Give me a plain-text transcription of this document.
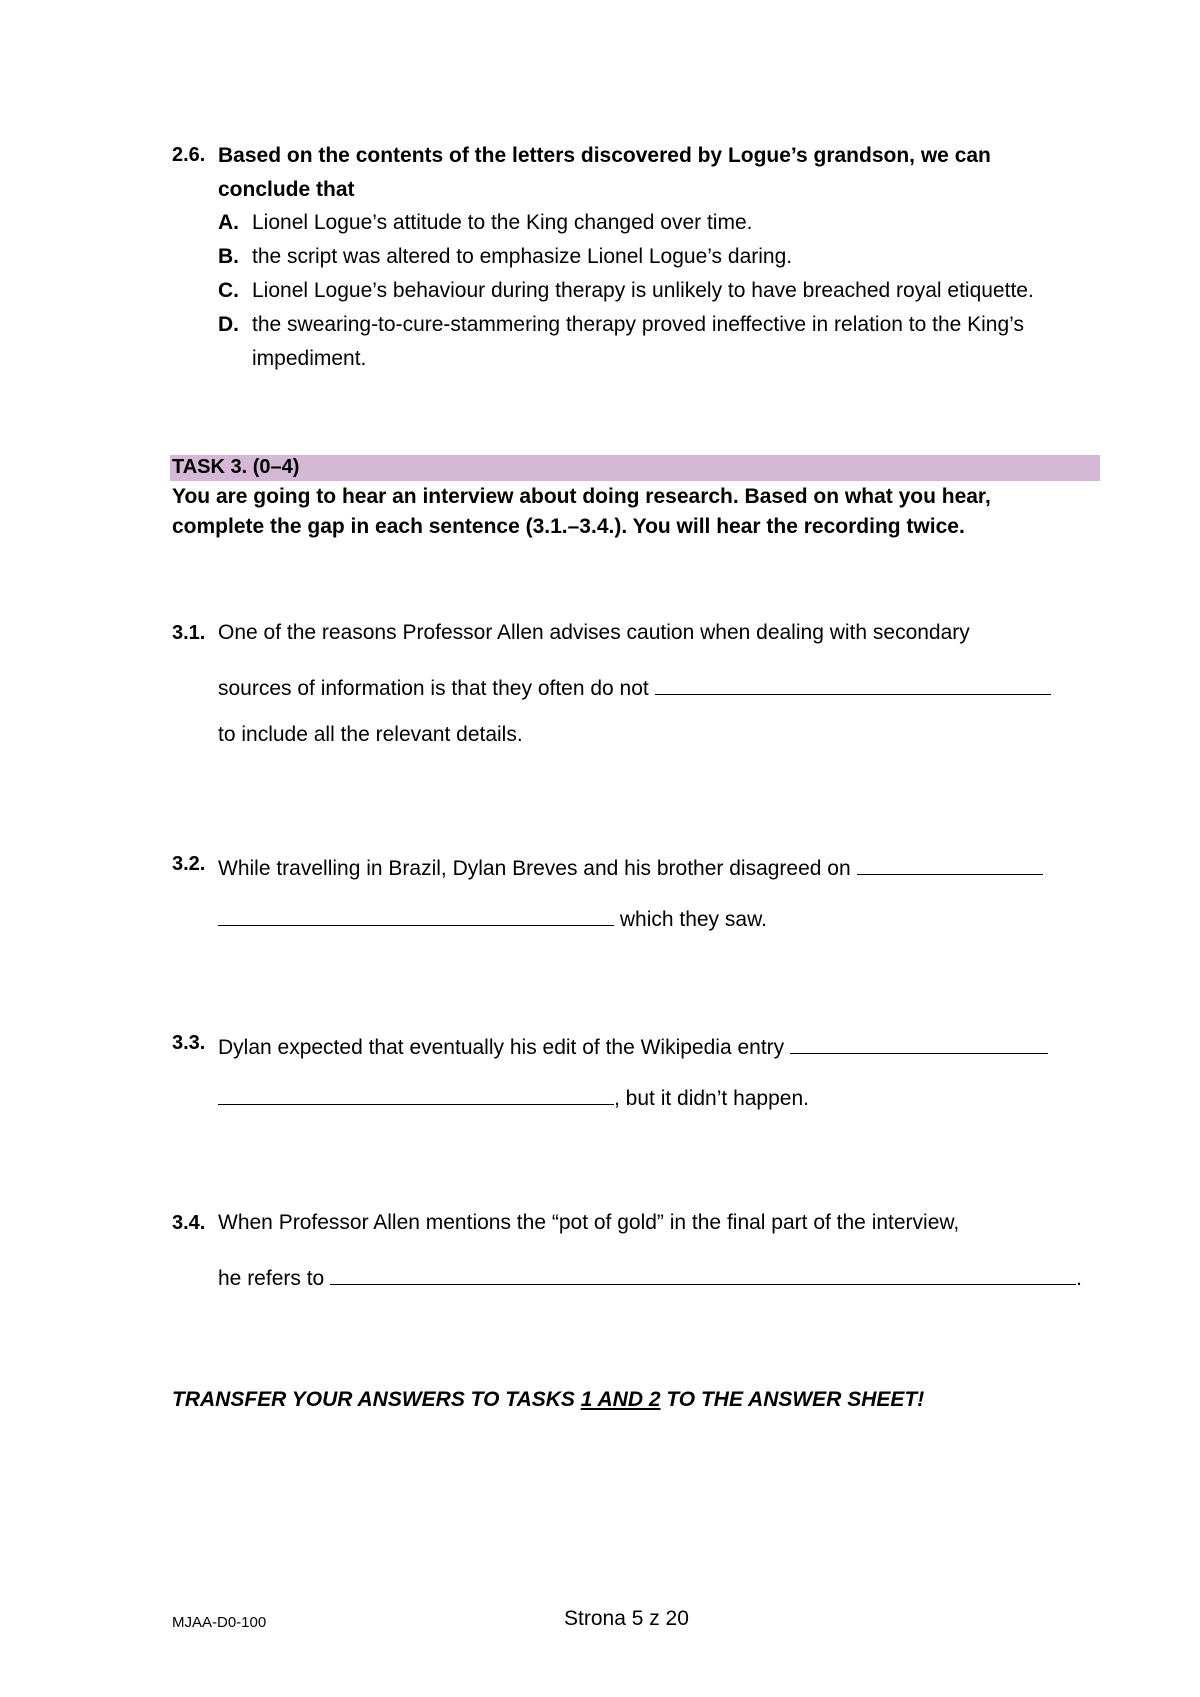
2.6. Based on the contents of the letters discovered by Logue’s grandson, we can
conclude that
A. Lionel Logue’s attitude to the King changed over time.
B. the script was altered to emphasize Lionel Logue’s daring.
C. Lionel Logue’s behaviour during therapy is unlikely to have breached royal etiquette.
D. the swearing-to-cure-stammering therapy proved ineffective in relation to the King’s
impediment.
TASK 3. (0–4)
You are going to hear an interview about doing research. Based on what you hear,
complete the gap in each sentence (3.1.–3.4.). You will hear the recording twice.
3.1. One of the reasons Professor Allen advises caution when dealing with secondary
sources of information is that they often do not
to include all the relevant details.
3.2. While travelling in Brazil, Dylan Breves and his brother disagreed on
which they saw.
3.3. Dylan expected that eventually his edit of the Wikipedia entry
, but it didn’t happen.
3.4. When Professor Allen mentions the “pot of gold” in the final part of the interview,
he refers to	.
TRANSFER YOUR ANSWERS TO TASKS 1 AND 2 TO THE ANSWER SHEET!
MJAA-D0-100	Strona 5 z 20
